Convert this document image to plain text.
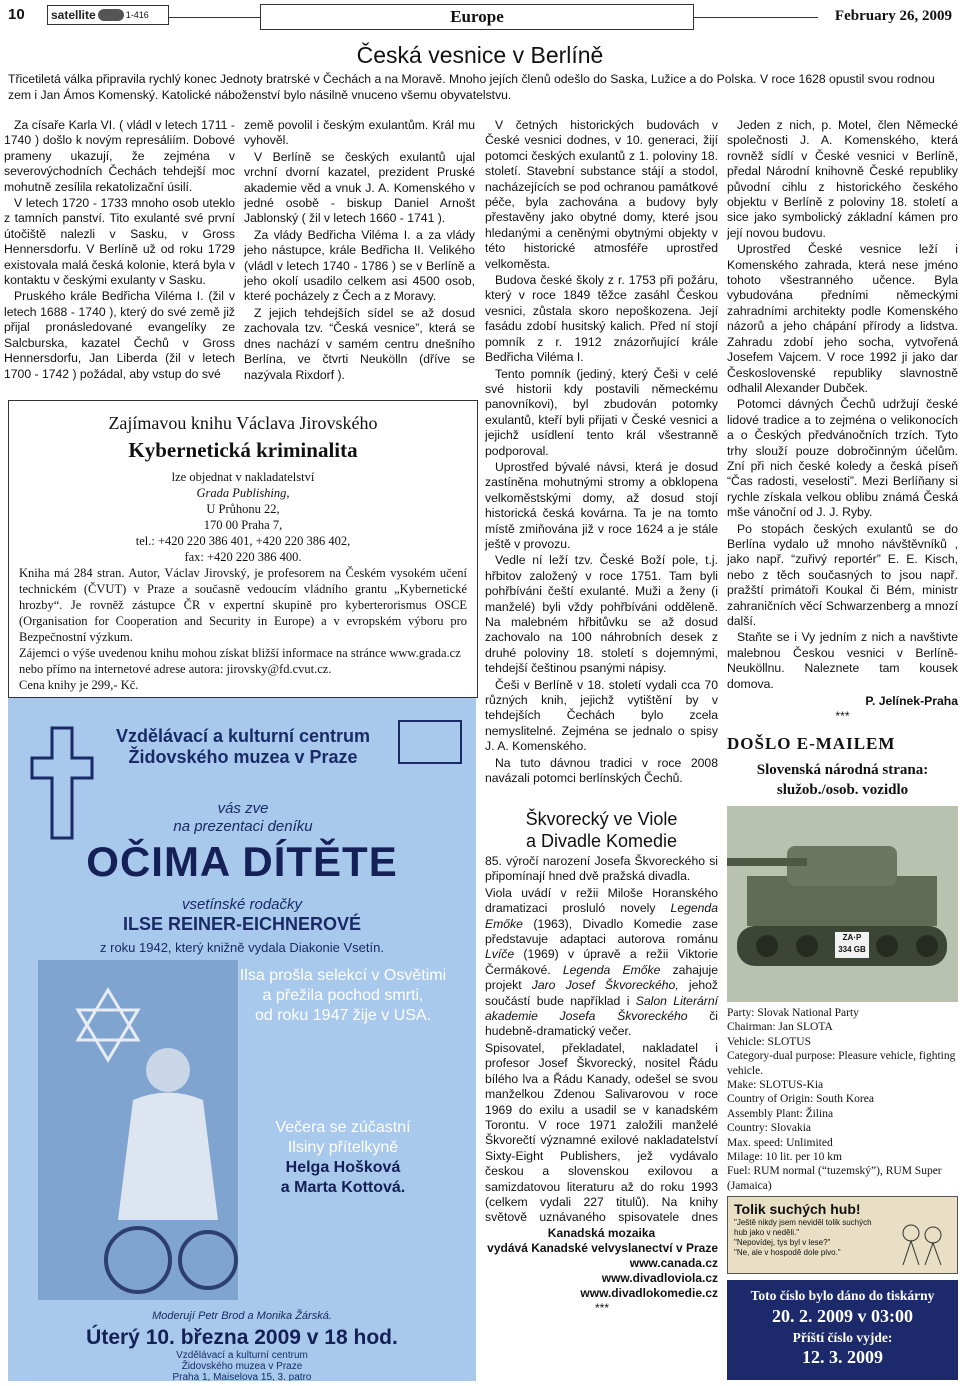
10 satellite	1-416	Europe	February 26, 2009
Česká vesnice v Berlíně
Třicetiletá válka připravila rychlý konec Jednoty bratrské v Čechách a na Moravě. Mnoho jejích členů odešlo do Saska, Lužice a do Polska. V roce 1628 opustil svou rodnou zem i Jan Ámos Komenský. Katolické náboženství bylo násilně vnuceno všemu obyvatelstvu.

Za císaře Karla VI. ( vládl v letech 1711 - 1740 ) došlo k novým represáliím. Dobové prameny ukazují, že zejména v severovýchodních Čechách tehdejší moc mohutně zesílila rekatolizační úsilí.

V letech 1720 - 1733 mnoho osob uteklo z tamních panství. Tito exulanté své první útočiště nalezli v Sasku, v Gross Hennersdorfu. V Berlíně už od roku 1729 existovala malá česká kolonie, která byla v kontaktu v českými exulanty v Sasku.

Pruského krále Bedřicha Viléma I. (žil v letech 1688 - 1740 ), který do své země již přijal pronásledované evangelíky ze Salcburska, kazatel Čechů v Gross Hennersdorfu, Jan Liberda (žil v letech 1700 - 1742 ) požádal, aby vstup do své

země povolil i českým exulantům. Král mu vyhověl.

V Berlíně se českých exulantů ujal vrchní dvorní kazatel, prezident Pruské akademie věd a vnuk J. A. Komenského v jedné osobě - biskup Daniel Arnošt Jablonský ( žil v letech 1660 - 1741 ).

Za vlády Bedřicha Viléma I. a za vlády jeho nástupce, krále Bedřicha II. Velikého (vládl v letech 1740 - 1786 ) se v Berlíně a jeho okolí usadilo celkem asi 4500 osob, které pocházely z Čech a z Moravy.

Z jejich tehdejších sídel se až dosud zachovala tzv. “Česká vesnice”, která se dnes nachází v samém centru dnešního Berlína, ve čtvrti Neukölln (dříve se nazývala Rixdorf ).

V četných historických budovách v České vesnici dodnes, v 10. generaci, žijí potomci českých exulantů z 1. poloviny 18. století. Stavební substance stájí a stodol, nacházejících se pod ochranou památkové péče, byla zachována a budovy byly přestavěny jako obytné domy, které jsou hledanými a ceněnými obytnými objekty v této historické atmosféře uprostřed velkoměsta.

Budova české školy z r. 1753 při požáru, který v roce 1849 těžce zasáhl Českou vesnici, zůstala skoro nepoškozena. Její fasádu zdobí husitský kalich. Před ní stojí pomník z r. 1912 znázorňující krále Bedřicha Viléma I.

Tento pomník (jediný, který Češi v celé své historii kdy postavili německému panovníkovi), byl zbudován potomky exulantů, kteří byli přijati v České vesnici a jejichž usídlení tento král všestranně podporoval.

Uprostřed bývalé návsi, která je dosud zastíněna mohutnými stromy a obklopena velkoměstskými domy, až dosud stojí historická česká kovárna. Ta je na tomto místě zmiňována již v roce 1624 a je stále ještě v provozu.

Vedle ní leží tzv. České Boží pole, t.j. hřbitov založený v roce 1751. Tam byli pohřbíváni čeští exulanté. Muži a ženy (i manželé) byli vždy pohřbíváni odděleně. Na malebném hřbitůvku se až dosud zachovalo na 100 náhrobních desek z druhé poloviny 18. století s dojemnými, tehdejší češtinou psanými nápisy.

Češi v Berlíně v 18. století vydali cca 70 různých knih, jejichž vytištění by v tehdejších Čechách bylo zcela nemyslitelné. Zejména se jednalo o spisy J. A. Komenského.

Na tuto dávnou tradici v roce 2008 navázali potomci berlínských Čechů.

Jeden z nich, p. Motel, člen Německé společnosti J. A. Komenského, která rovněž sídlí v České vesnici v Berlíně, předal Národní knihovně České republiky původní cihlu z historického českého objektu v Berlíně z poloviny 18. století a sice jako symbolický základní kámen pro její novou budovu.

Uprostřed České vesnice leží i Komenského zahrada, která nese jméno tohoto všestranného učence. Byla vybudována předními německými zahradními architekty podle Komenského názorů a jeho chápání přírody a lidstva. Zahradu zdobí jeho socha, vytvořená Josefem Vajcem. V roce 1992 ji jako dar Československé republiky slavnostně odhalil Alexander Dubček.

Potomci dávných Čechů udržují české lidové tradice a to zejména o velikonocích a o Českých předvánočních trzích. Tyto trhy slouží pouze dobročinným účelům. Zní při nich české koledy a česká píseň “Čas radosti, veselosti”. Mezi Berlíňany si rychle získala velkou oblibu známá Česká mše vánoční od J. J. Ryby.

Po stopách českých exulantů se do Berlína vydalo už mnoho návštěvníků , jako např. “zuřivý reportér” E. E. Kisch, nebo z těch současných to jsou např. pražští primátoři Koukal či Bém, ministr zahraničních věcí Schwarzenberg a mnozí další.

Staňte se i Vy jedním z nich a navštivte malebnou Českou vesnici v Berlíně-Neuköllnu. Naleznete tam kousek domova.

P. Jelínek-Praha
***
Zajímavou knihu Václava Jirovského
Kybernetická kriminalita
lze objednat v nakladatelství
Grada Publishing,
U Průhonu 22,
170 00 Praha 7,
tel.: +420 220 386 401, +420 220 386 402,
fax: +420 220 386 400.
Kniha má 284 stran. Autor, Václav Jirovský, je profesorem na Českém vysokém učení technickém (ČVUT) v Praze a současně vedoucím vládního grantu „Kybernetické hrozby“. Je rovněž zástupce ČR v expertní skupině pro kyberterorismus OSCE (Organisation for Cooperation and Security in Europe) a v evropském výboru pro Bezpečnostní výzkum.
Zájemci o výše uvedenou knihu mohou získat bližší informace na stránce www.grada.cz nebo přímo na internetové adrese autora: jirovsky@fd.cvut.cz.
Cena knihy je 299,- Kč.
Vzdělávací a kulturní centrum
Židovského muzea v Praze
vás zve
na prezentaci deníku
OČIMA DÍTĚTE
vsetínské rodačky
ILSE REINER-EICHNEROVÉ
z roku 1942, který knižně vydala Diakonie Vsetín.
Ilsa prošla selekcí v Osvětimi
a přežila pochod smrti,
od roku 1947 žije v USA.
Večera se zúčastní
Ilsiny přítelkyně
Helga Hošková
a Marta Kottová.
Moderují Petr Brod a Monika Žárská.
Úterý 10. března 2009 v 18 hod.
Vzdělávací a kulturní centrum
Židovského muzea v Praze
Praha 1, Maiselova 15, 3. patro
Škvorecký ve Viole
a Divadle Komedie

85. výročí narození Josefa Škvoreckého si připomínají hned dvě pražská divadla.

Viola uvádí v režii Miloše Horanského dramatizaci prosluló novely Legenda Emőke (1963), Divadlo Komedie zase představuje adaptaci autorova románu Lvíče (1969) v úpravě a režii Viktorie Čermákové. Legenda Emőke zahajuje projekt Jaro Josef Škvoreckého, jehož součástí bude například i Salon Literární akademie Josefa Škvoreckého či hudebně-dramatický večer.

Spisovatel, překladatel, nakladatel i profesor Josef Škvorecký, nositel Řádu bílého lva a Řádu Kanady, odešel se svou manželkou Zdenou Salivarovou v roce 1969 do exilu a usadil se v kanadském Torontu. V roce 1971 založili manželé Škvorečtí významné exilové nakladatelství Sixty-Eight Publishers, jež vydávalo českou a slovenskou exilovou a samizdatovou literaturu až do roku 1993 (celkem vydali 227 titulů). Na knihy světově uznávaného spisovatele dnes

Kanadská mozaika
vydává Kanadské velvyslanectví v Praze
www.canada.cz
www.divadloviola.cz
www.divadlokomedie.cz
***
DOŠLO E-MAILEM
Slovenská národná strana:
služob./osob. vozidlo
ZA·P 334 GB
Party: Slovak National Party
Chairman: Jan SLOTA
Vehicle: SLOTUS
Category-dual purpose: Pleasure vehicle, fighting vehicle.
Make: SLOTUS-Kia
Country of Origin: South Korea
Assembly Plant: Žilina
Country: Slovakia
Max. speed: Unlimited
Milage: 10 lit. per 10 km
Fuel: RUM normal (“tuzemský”), RUM Super (Jamaica)
Tolik suchých hub!
"Ještě nikdy jsem neviděl tolik suchých hub jako v neděli."
"Nepovídej, tys byl v lese?"
"Ne, ale v hospodě dole pivo."
Toto číslo bylo dáno do tiskárny
20. 2. 2009 v 03:00
Příští číslo vyjde:
12. 3. 2009
